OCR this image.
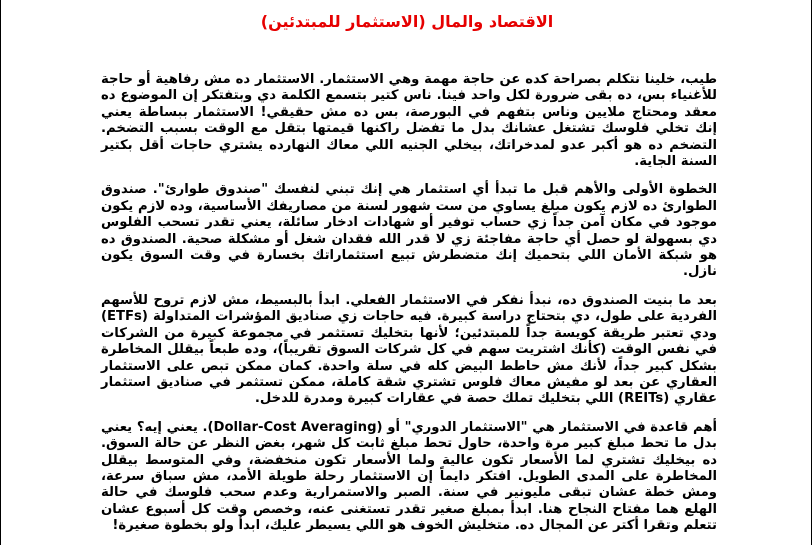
الاقتصاد والمال (الاستثمار للمبتدئين)

طيب، خلينا نتكلم بصراحة كده عن حاجة مهمة وهي الاستثمار. الاستثمار ده مش رفاهية أو حاجة للأغنياء بس، ده بقى ضرورة لكل واحد فينا. ناس كتير بتسمع الكلمة دي وبتفتكر إن الموضوع ده معقد ومحتاج ملايين وناس بتفهم في البورصة، بس ده مش حقيقي! الاستثمار ببساطة يعني إنك تخلي فلوسك تشتغل عشانك بدل ما تفضل راكنها قيمتها بتقل مع الوقت بسبب التضخم. التضخم ده هو أكبر عدو لمدخراتك، بيخلي الجنيه اللي معاك النهارده يشتري حاجات أقل بكتير السنة الجاية.

الخطوة الأولى والأهم قبل ما تبدأ أي استثمار هي إنك تبني لنفسك "صندوق طوارئ". صندوق الطوارئ ده لازم يكون مبلغ يساوي من ست شهور لسنة من مصاريفك الأساسية، وده لازم يكون موجود في مكان آمن جداً زي حساب توفير أو شهادات ادخار سائلة، يعني تقدر تسحب الفلوس دي بسهولة لو حصل أي حاجة مفاجئة زي لا قدر الله فقدان شغل أو مشكلة صحية. الصندوق ده هو شبكة الأمان اللي بتحميك إنك متضطرش تبيع استثماراتك بخسارة في وقت السوق يكون نازل.

بعد ما بنيت الصندوق ده، نبدأ نفكر في الاستثمار الفعلي. ابدأ بالبسيط، مش لازم تروح للأسهم الفردية على طول، دي بتحتاج دراسة كبيرة. فيه حاجات زي صناديق المؤشرات المتداولة (ETFs) ودي تعتبر طريقة كويسة جداً للمبتدئين؛ لأنها بتخليك تستثمر في مجموعة كبيرة من الشركات في نفس الوقت (كأنك اشتريت سهم في كل شركات السوق تقريباً)، وده طبعاً بيقلل المخاطرة بشكل كبير جداً، لأنك مش حاطط البيض كله في سلة واحدة. كمان ممكن تبص على الاستثمار العقاري عن بعد لو مفيش معاك فلوس تشتري شقة كاملة، ممكن تستثمر في صناديق استثمار عقاري (REITs) اللي بتخليك تملك حصة في عقارات كبيرة ومدرة للدخل.

أهم قاعدة في الاستثمار هي "الاستثمار الدوري" أو (Dollar-Cost Averaging). يعني إيه؟ يعني بدل ما تحط مبلغ كبير مرة واحدة، حاول تحط مبلغ ثابت كل شهر، بغض النظر عن حالة السوق. ده بيخليك تشتري لما الأسعار تكون عالية ولما الأسعار تكون منخفضة، وفي المتوسط بيقلل المخاطرة على المدى الطويل. افتكر دايماً إن الاستثمار رحلة طويلة الأمد، مش سباق سرعة، ومش خطة عشان تبقى مليونير في سنة. الصبر والاستمرارية وعدم سحب فلوسك في حالة الهلع هما مفتاح النجاح هنا. ابدأ بمبلغ صغير تقدر تستغنى عنه، وخصص وقت كل أسبوع عشان تتعلم وتقرا أكتر عن المجال ده. متخليش الخوف هو اللي يسيطر عليك، ابدأ ولو بخطوة صغيرة!
